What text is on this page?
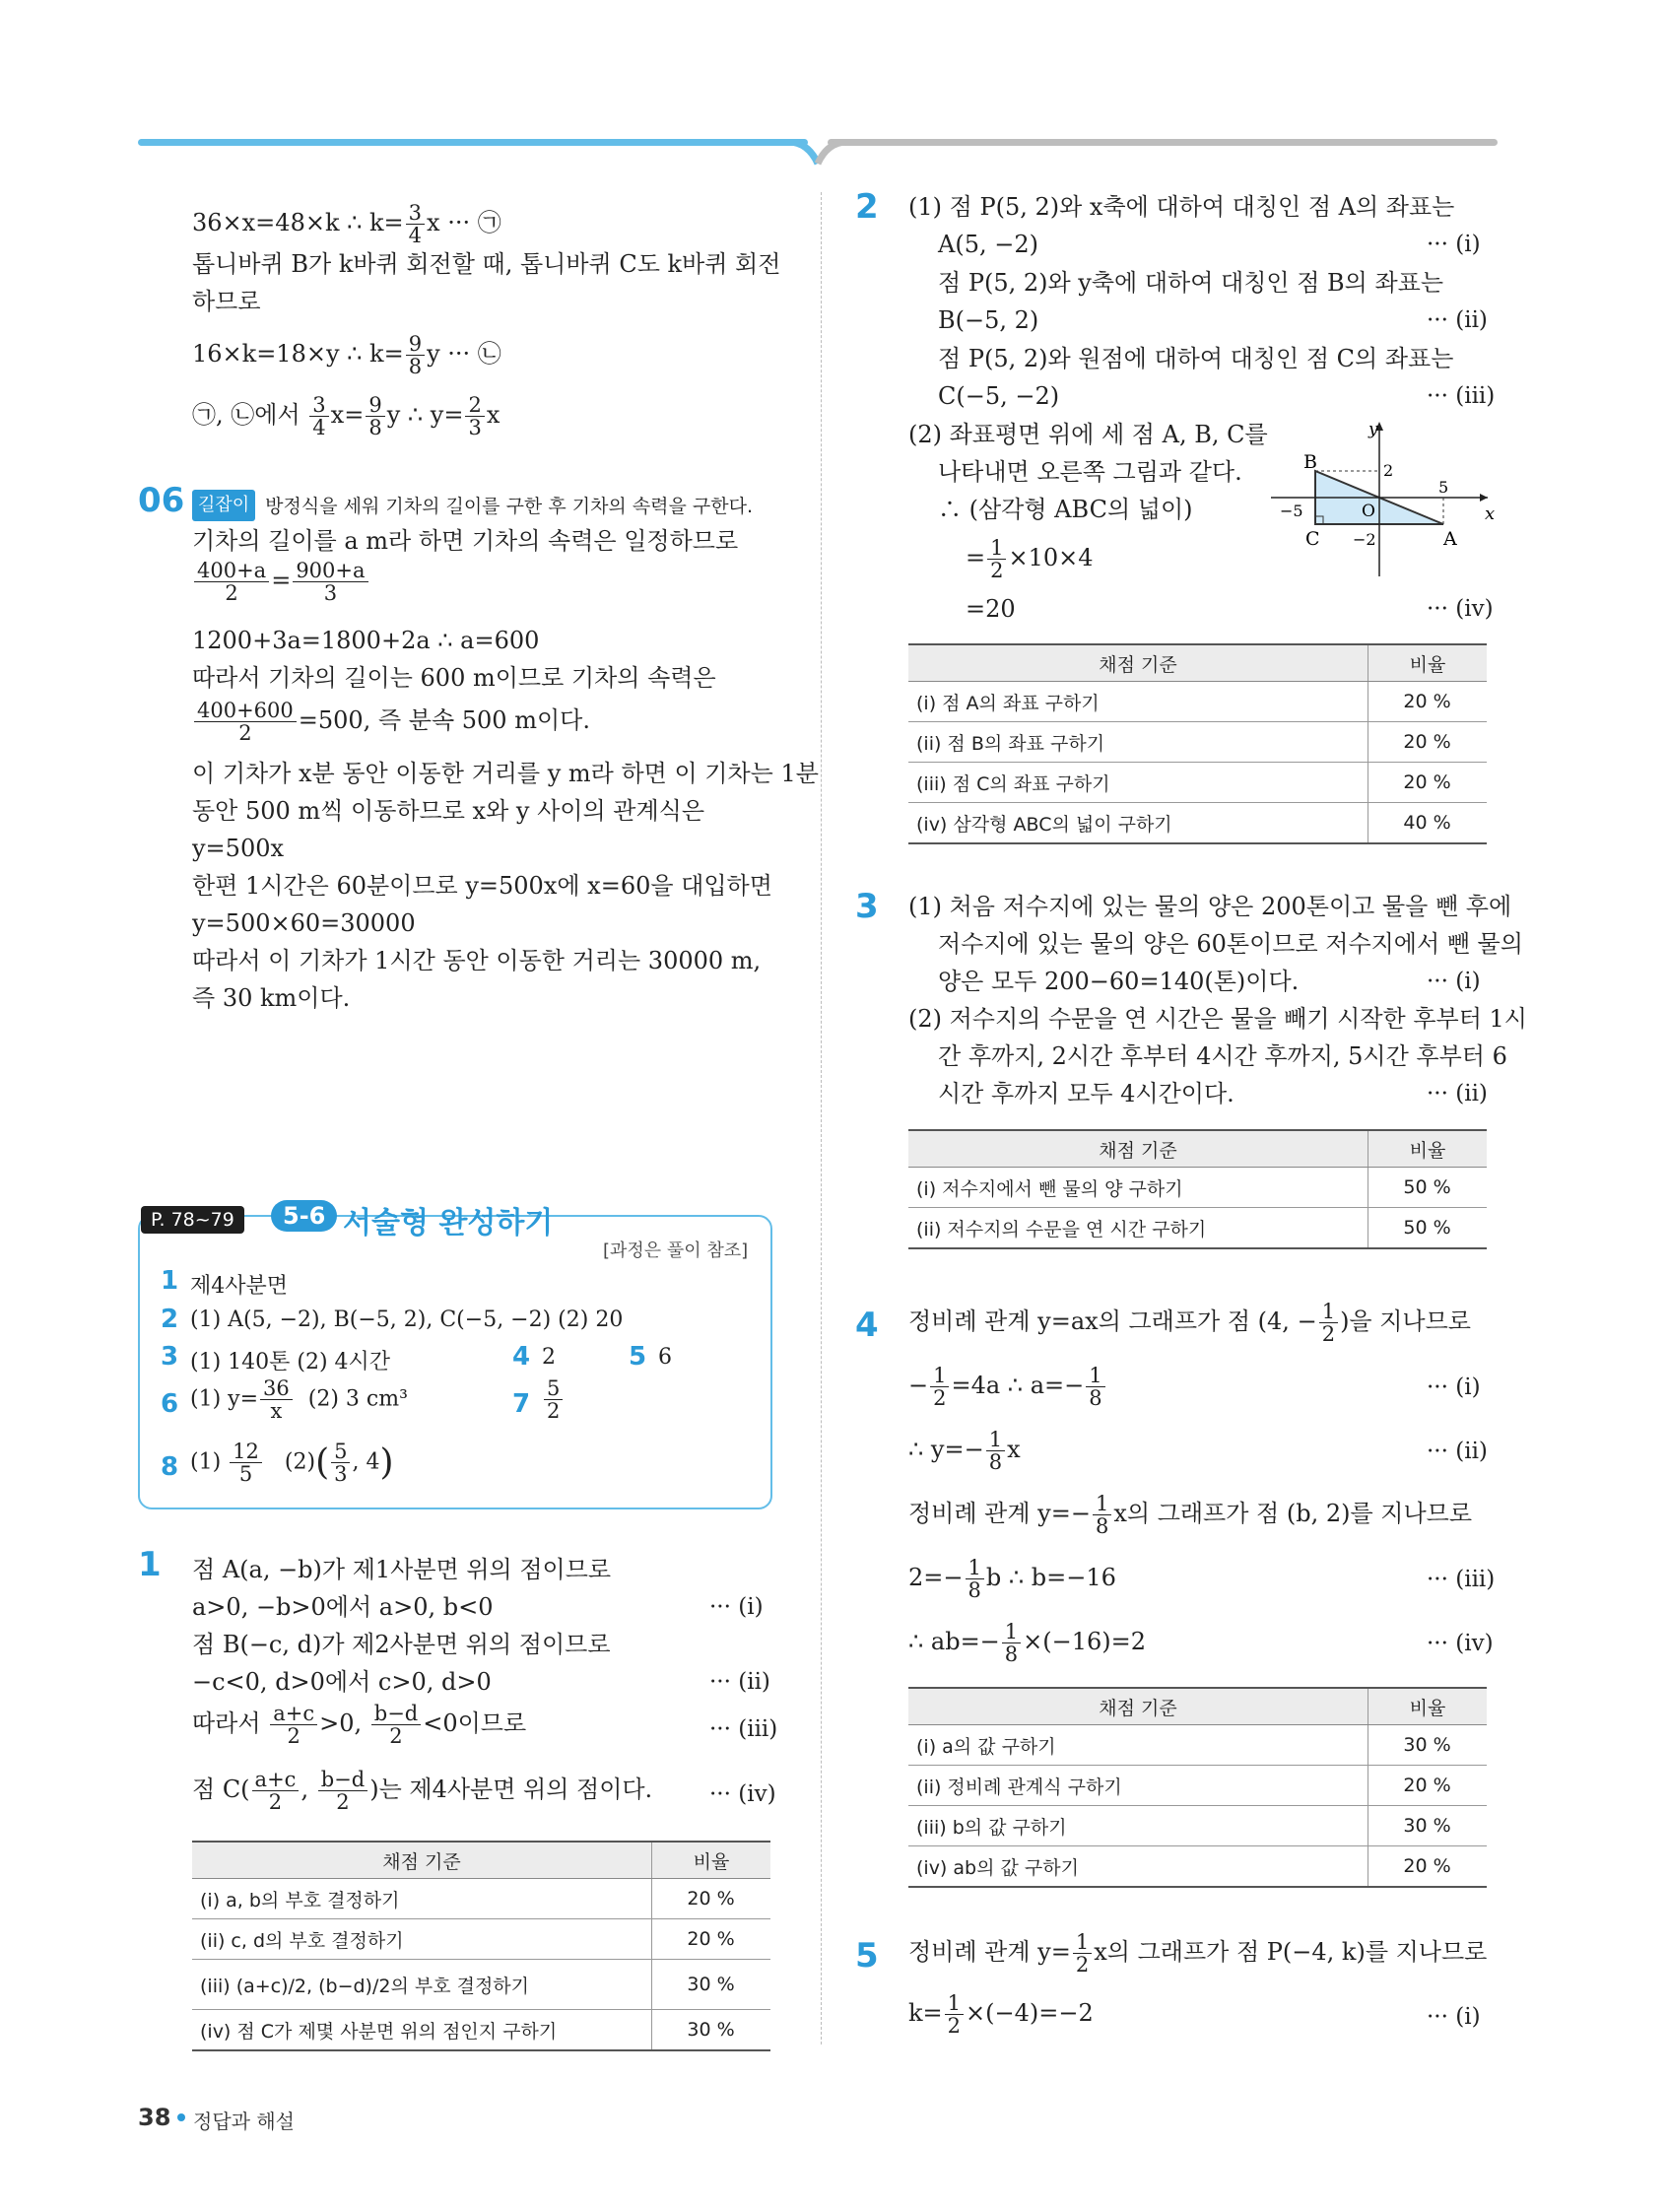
36×x=48×k ∴ $k= \frac{3}{4}$ x ··· ㉠
톱니바퀴 B가 k바퀴 회전할 때, 톱니바퀴 C도 k바퀴 회전
하므로
16×k=18×y ∴ $k= \frac{9}{8}$ y ··· ㉡
㉠, ㉡에서 $\frac{3}{4} x= \frac{9}{8}$ y ∴ $y= \frac{2}{3}$ x
06 길잡이 방정식을 세워 기차의 길이를 구한 후 기차의 속력을 구한다.
기차의 길이를 a m라 하면 기차의 속력은 일정하므로
$\frac{400+a}{2} = \frac{900+a}{3}$
1200+3a=1800+2a ∴ a=600
따라서 기차의 길이는 600 m이므로 기차의 속력은
$\frac{400+600}{2} =500$, 즉 분속 500 m이다.
이 기차가 x분 동안 이동한 거리를 y m라 하면 이 기차는 1분
동안 500 m씩 이동하므로 x와 y 사이의 관계식은
y=500x
한편 1시간은 60분이므로 y=500x에 x=60을 대입하면
y=500×60=30000
따라서 이 기차가 1시간 동안 이동한 거리는 30000 m,
즉 30 km이다.
P. 78~79	5-6 서술형 완성하기
[과정은 풀이 참조]
1 제4사분면
2 (1) A(5, −2), B(−5, 2), C(−5, −2) (2) 20
3 (1) 140톤 (2) 4시간	4 2	5 6
6 (1) $y= \frac{36}{x} (2)$ 3 cm³	$7 \frac{5}{2}$
8 $(1) \frac{12}{5} (2)( \frac{5}{3}$ , 4)
1 점 A(a, −b)가 제1사분면 위의 점이므로
a>0, −b>0에서 a>0, b<0	··· (i)
점 B(−c, d)가 제2사분면 위의 점이므로
−c<0, d>0에서 c>0, d>0	··· (ii)
따라서 $\frac{a+c}{2} >0$, $\frac{b-d}{2} <0$이므로	··· (iii)
점 $C( \frac{a+c}{2}$ , $\frac{b-d}{2}$ )는 제4사분면 위의 점이다.	··· (iv)
채점 기준	비율
(i) a, b의 부호 결정하기	20 %
(ii) c, d의 부호 결정하기	20 %
(iii) (a+c)/2, (b−d)/2의 부호 결정하기	30 %
(iv) 점 C가 제몇 사분면 위의 점인지 구하기	30 %
2 (1) 점 P(5, 2)와 x축에 대하여 대칭인 점 A의 좌표는
A(5, −2)	··· (i)
점 P(5, 2)와 y축에 대하여 대칭인 점 B의 좌표는
B(−5, 2)	··· (ii)
점 P(5, 2)와 원점에 대하여 대칭인 점 C의 좌표는
C(−5, −2)	··· (iii)
(2) 좌표평면 위에 세 점 A, B, C를
나타내면 오른쪽 그림과 같다.
∴ (삼각형 ABC의 넓이)
= $\frac{1}{2} \times 10\times 4$
=20	··· (iv)
y
x
B
C	A
O
2
−2
5
−5
채점 기준	비율
(i) 점 A의 좌표 구하기	20 %
(ii) 점 B의 좌표 구하기	20 %
(iii) 점 C의 좌표 구하기	20 %
(iv) 삼각형 ABC의 넓이 구하기	40 %
3 (1) 처음 저수지에 있는 물의 양은 200톤이고 물을 뺀 후에
저수지에 있는 물의 양은 60톤이므로 저수지에서 뺀 물의
양은 모두 200−60=140(톤)이다.	··· (i)
(2) 저수지의 수문을 연 시간은 물을 빼기 시작한 후부터 1시
간 후까지, 2시간 후부터 4시간 후까지, 5시간 후부터 6
시간 후까지 모두 4시간이다.	··· (ii)
채점 기준	비율
(i) 저수지에서 뺀 물의 양 구하기	50 %
(ii) 저수지의 수문을 연 시간 구하기	50 %
4 정비례 관계 y=ax의 그래프가 점 (4, − $\frac{1}{2}$ )을 지나므로
− $\frac{1}{2} =4a$ ∴ $a=- \frac{1}{8}$	··· (i)
∴ $y=- \frac{1}{8}$ x	··· (ii)
정비례 관계 $y=- \frac{1}{8}$ x의 그래프가 점 (b, 2)를 지나므로
$2=- \frac{1}{8}$ b ∴ b=−16	··· (iii)
∴ $ab=- \frac{1}{8} \times(-16)=2$	··· (iv)
채점 기준	비율
(i) a의 값 구하기	30 %
(ii) 정비례 관계식 구하기	20 %
(iii) b의 값 구하기	30 %
(iv) ab의 값 구하기	20 %
5 정비례 관계 $y= \frac{1}{2}$ x의 그래프가 점 P(−4, k)를 지나므로
$k= \frac{1}{2} \times(-4)=-2$	··· (i)
38 정답과 해설
